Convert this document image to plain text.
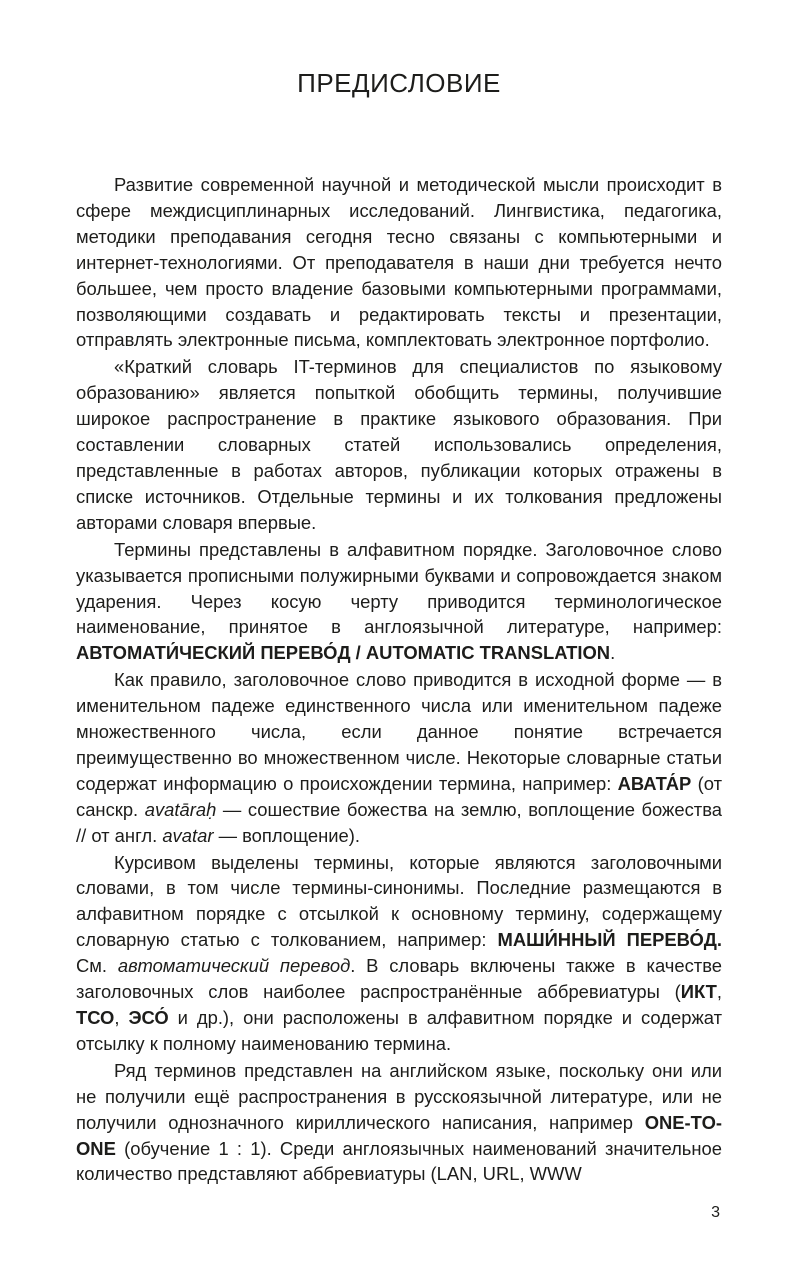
ПРЕДИСЛОВИЕ

Развитие современной научной и методической мысли происходит в сфере междисциплинарных исследований. Лингвистика, педагогика, методики преподавания сегодня тесно связаны с компьютерными и интернет-технологиями. От преподавателя в наши дни требуется нечто большее, чем просто владение базовыми компьютерными программами, позволяющими создавать и редактировать тексты и презентации, отправлять электронные письма, комплектовать электронное портфолио.

«Краткий словарь IT-терминов для специалистов по языковому образованию» является попыткой обобщить термины, получившие широкое распространение в практике языкового образования. При составлении словарных статей использовались определения, представленные в работах авторов, публикации которых отражены в списке источников. Отдельные термины и их толкования предложены авторами словаря впервые.

Термины представлены в алфавитном порядке. Заголовочное слово указывается прописными полужирными буквами и сопровождается знаком ударения. Через косую черту приводится терминологическое наименование, принятое в англоязычной литературе, например: АВТОМАТИ́ЧЕСКИЙ ПЕРЕВО́Д / AUTOMATIC TRANSLATION.

Как правило, заголовочное слово приводится в исходной форме — в именительном падеже единственного числа или именительном падеже множественного числа, если данное понятие встречается преимущественно во множественном числе. Некоторые словарные статьи содержат информацию о происхождении термина, например: АВАТА́Р (от санскр. avatāraḥ — сошествие божества на землю, воплощение божества // от англ. avatar — воплощение).

Курсивом выделены термины, которые являются заголовочными словами, в том числе термины-синонимы. Последние размещаются в алфавитном порядке с отсылкой к основному термину, содержащему словарную статью с толкованием, например: МАШИ́ННЫЙ ПЕРЕВО́Д. См. автоматический перевод. В словарь включены также в качестве заголовочных слов наиболее распространённые аббревиатуры (ИКТ, ТСО, ЭСО́ и др.), они расположены в алфавитном порядке и содержат отсылку к полному наименованию термина.

Ряд терминов представлен на английском языке, поскольку они или не получили ещё распространения в русскоязычной литературе, или не получили однозначного кириллического написания, например ONE-TO-ONE (обучение 1 : 1). Среди англоязычных наименований значительное количество представляют аббревиатуры (LAN, URL, WWW

3
